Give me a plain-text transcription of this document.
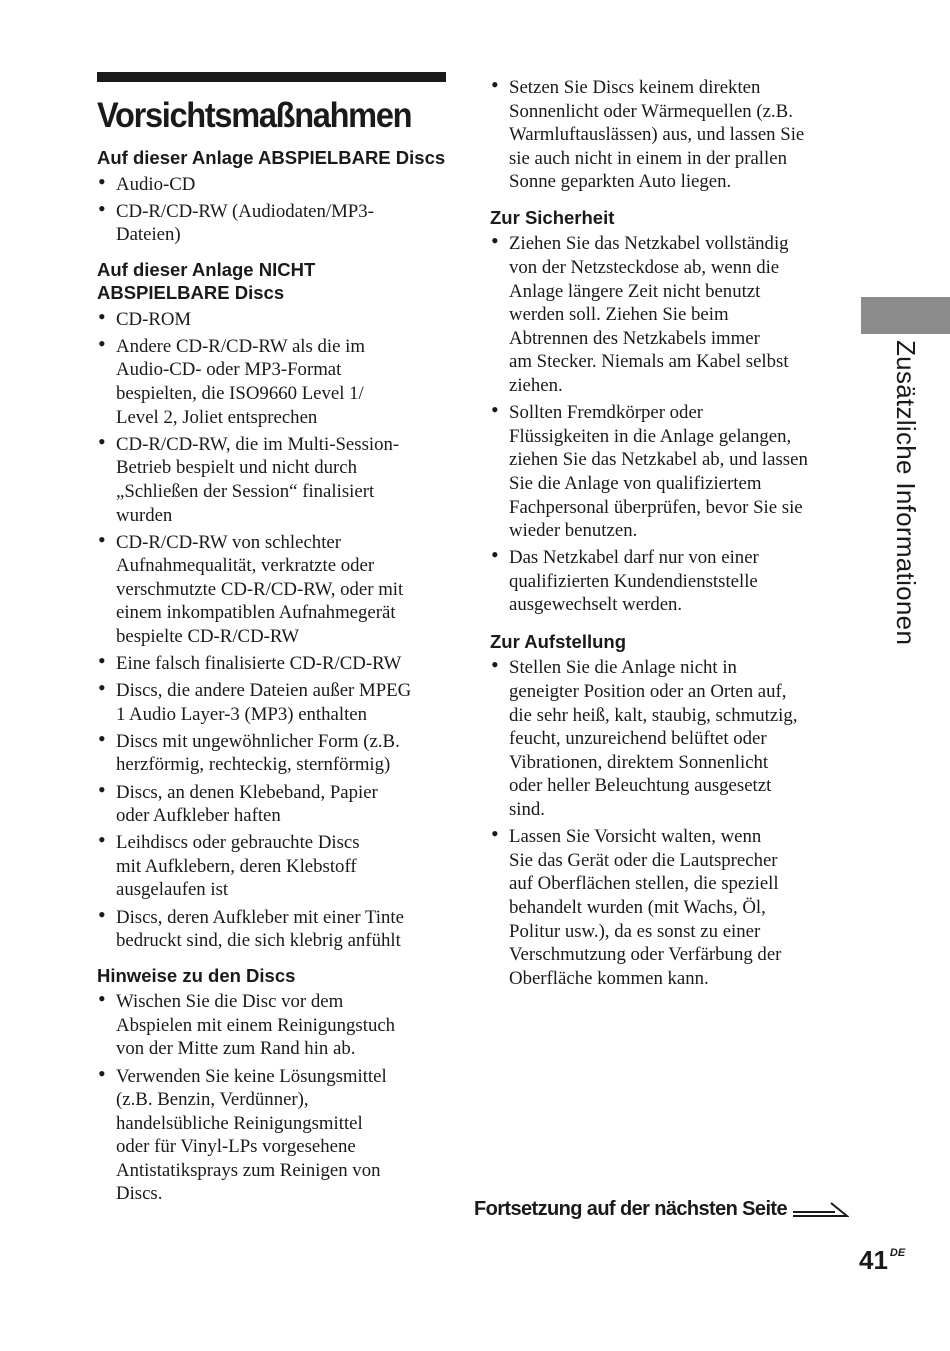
Vorsichtsmaßnahmen
Auf dieser Anlage ABSPIELBARE Discs
• Audio-CD
• CD-R/CD-RW (Audiodaten/MP3-
Dateien)
Auf dieser Anlage NICHT
ABSPIELBARE Discs
• CD-ROM
• Andere CD-R/CD-RW als die im
Audio-CD- oder MP3-Format
bespielten, die ISO9660 Level 1/
Level 2, Joliet entsprechen
• CD-R/CD-RW, die im Multi-Session-
Betrieb bespielt und nicht durch
„Schließen der Session“ finalisiert
wurden
• CD-R/CD-RW von schlechter
Aufnahmequalität, verkratzte oder
verschmutzte CD-R/CD-RW, oder mit
einem inkompatiblen Aufnahmegerät
bespielte CD-R/CD-RW
• Eine falsch finalisierte CD-R/CD-RW
• Discs, die andere Dateien außer MPEG
1 Audio Layer-3 (MP3) enthalten
• Discs mit ungewöhnlicher Form (z.B.
herzförmig, rechteckig, sternförmig)
• Discs, an denen Klebeband, Papier
oder Aufkleber haften
• Leihdiscs oder gebrauchte Discs
mit Aufklebern, deren Klebstoff
ausgelaufen ist
• Discs, deren Aufkleber mit einer Tinte
bedruckt sind, die sich klebrig anfühlt
Hinweise zu den Discs
• Wischen Sie die Disc vor dem
Abspielen mit einem Reinigungstuch
von der Mitte zum Rand hin ab.
• Verwenden Sie keine Lösungsmittel
(z.B. Benzin, Verdünner),
handelsübliche Reinigungsmittel
oder für Vinyl-LPs vorgesehene
Antistatiksprays zum Reinigen von
Discs.
• Setzen Sie Discs keinem direkten
Sonnenlicht oder Wärmequellen (z.B.
Warmluftauslässen) aus, und lassen Sie
sie auch nicht in einem in der prallen
Sonne geparkten Auto liegen.
Zur Sicherheit
• Ziehen Sie das Netzkabel vollständig
von der Netzsteckdose ab, wenn die
Anlage längere Zeit nicht benutzt
werden soll. Ziehen Sie beim
Abtrennen des Netzkabels immer
am Stecker. Niemals am Kabel selbst
ziehen.
• Sollten Fremdkörper oder
Flüssigkeiten in die Anlage gelangen,
ziehen Sie das Netzkabel ab, und lassen
Sie die Anlage von qualifiziertem
Fachpersonal überprüfen, bevor Sie sie
wieder benutzen.
• Das Netzkabel darf nur von einer
qualifizierten Kundendienststelle
ausgewechselt werden.
Zur Aufstellung
• Stellen Sie die Anlage nicht in
geneigter Position oder an Orten auf,
die sehr heiß, kalt, staubig, schmutzig,
feucht, unzureichend belüftet oder
Vibrationen, direktem Sonnenlicht
oder heller Beleuchtung ausgesetzt
sind.
• Lassen Sie Vorsicht walten, wenn
Sie das Gerät oder die Lautsprecher
auf Oberflächen stellen, die speziell
behandelt wurden (mit Wachs, Öl,
Politur usw.), da es sonst zu einer
Verschmutzung oder Verfärbung der
Oberfläche kommen kann.
Zusätzliche Informationen
Fortsetzung auf der nächsten Seite
41 $^{DE}$
